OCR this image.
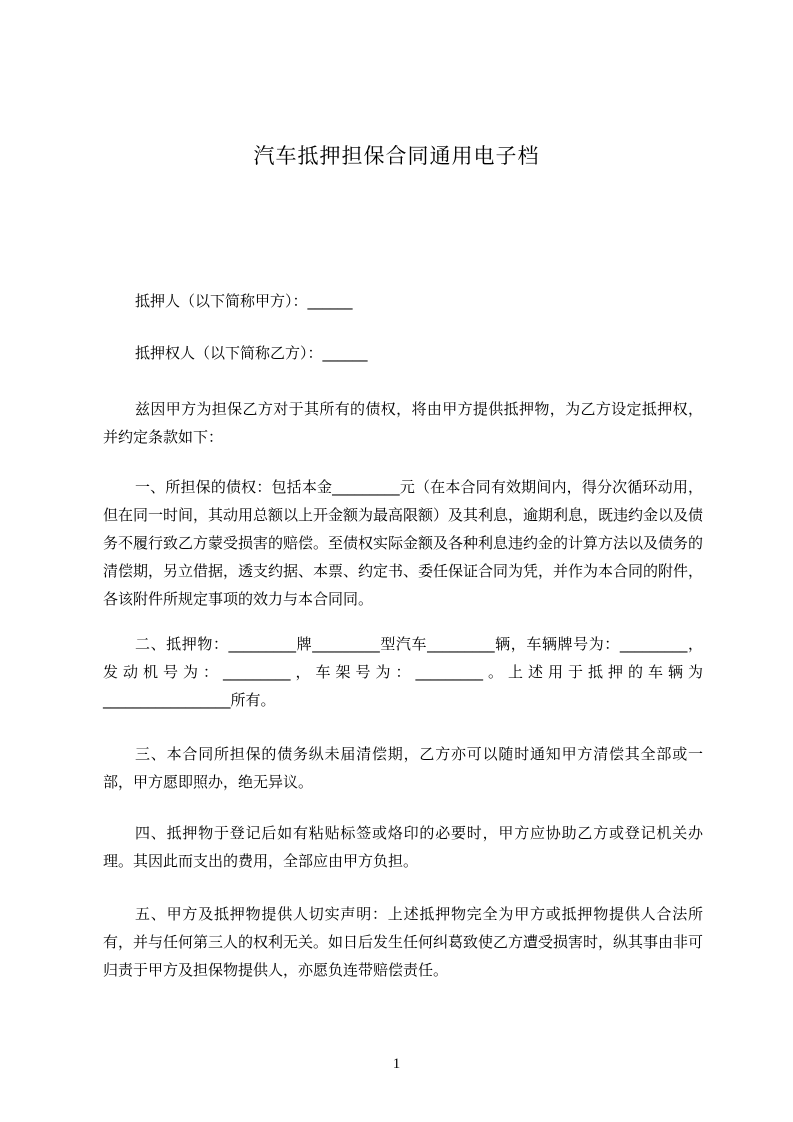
汽车抵押担保合同通用电子档

抵押人（以下简称甲方）：______

抵押权人（以下简称乙方）：______

兹因甲方为担保乙方对于其所有的债权，将由甲方提供抵押物，为乙方设定抵押权，并约定条款如下：

一、所担保的债权：包括本金_________元（在本合同有效期间内，得分次循环动用，但在同一时间，其动用总额以上开金额为最高限额）及其利息，逾期利息，既违约金以及债务不履行致乙方蒙受损害的赔偿。至债权实际金额及各种利息违约金的计算方法以及债务的清偿期，另立借据，透支约据、本票、约定书、委任保证合同为凭，并作为本合同的附件，各该附件所规定事项的效力与本合同同。

二、抵押物：_________牌_________型汽车_________辆，车辆牌号为：_________，发动机号为：_________，车架号为：_________。上述用于抵押的车辆为_________________所有。

三、本合同所担保的债务纵未届清偿期，乙方亦可以随时通知甲方清偿其全部或一部，甲方愿即照办，绝无异议。

四、抵押物于登记后如有粘贴标签或烙印的必要时，甲方应协助乙方或登记机关办理。其因此而支出的费用，全部应由甲方负担。

五、甲方及抵押物提供人切实声明：上述抵押物完全为甲方或抵押物提供人合法所有，并与任何第三人的权利无关。如日后发生任何纠葛致使乙方遭受损害时，纵其事由非可归责于甲方及担保物提供人，亦愿负连带赔偿责任。

1
